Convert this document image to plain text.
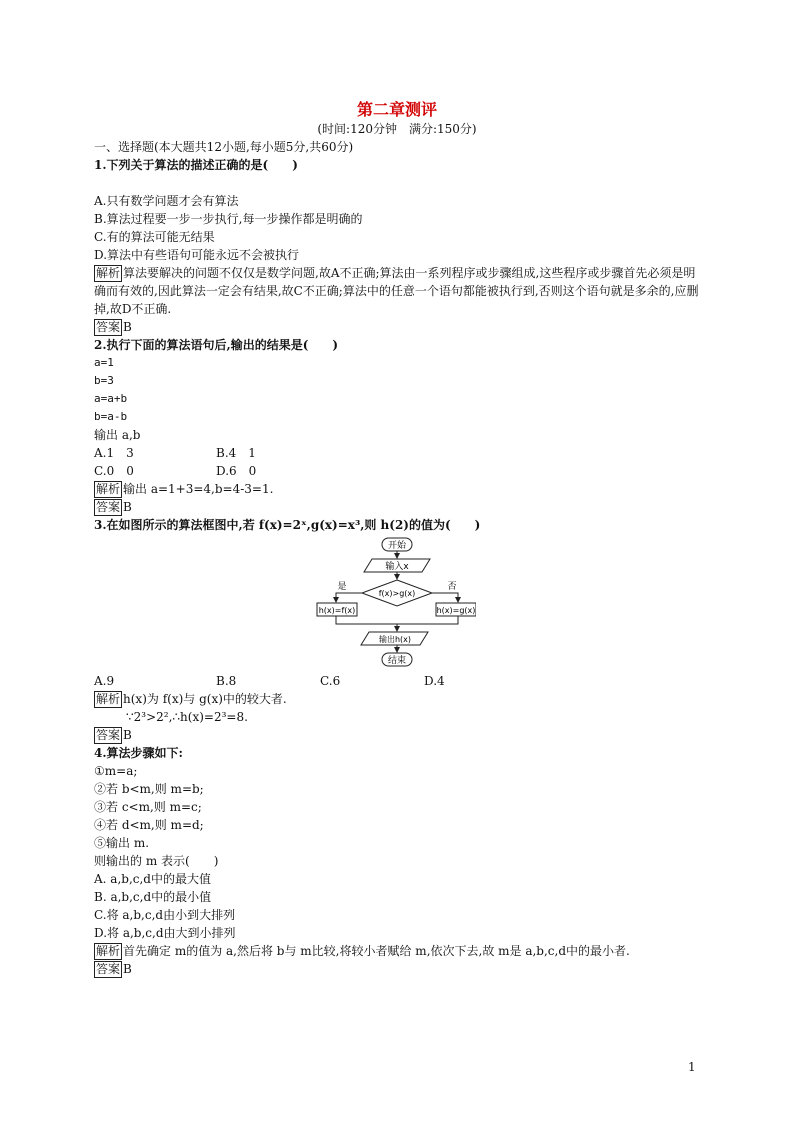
第二章测评
(时间:120分钟　满分:150分)
一、选择题(本大题共12小题,每小题5分,共60分)
1.下列关于算法的描述正确的是(　　)
A.只有数学问题才会有算法
B.算法过程要一步一步执行,每一步操作都是明确的
C.有的算法可能无结果
D.算法中有些语句可能永远不会被执行
解析 算法要解决的问题不仅仅是数学问题,故A不正确;算法由一系列程序或步骤组成,这些程序或步骤首先必须是明确而有效的,因此算法一定会有结果,故C不正确;算法中的任意一个语句都能被执行到,否则这个语句就是多余的,应删掉,故D不正确.
答案 B
2.执行下面的算法语句后,输出的结果是(　　)
a=1
b=3
a=a+b
b=a-b
输出 a,b
A.1　3	B.4　1
C.0　0	D.6　0
解析 输出 a=1+3=4,b=4-3=1.
答案 B
3.在如图所示的算法框图中,若 f(x)=2ˣ,g(x)=x³,则 h(2)的值为(　　)
开始
输入x
f(x)>g(x)
是	否
h(x)=f(x)	h(x)=g(x)
输出h(x)
结束
A.9	B.8	C.6	D.4
解析 h(x)为 f(x)与 g(x)中的较大者.
∵2³>2²,∴h(x)=2³=8.
答案 B
4.算法步骤如下:
①m=a;
②若 b<m,则 m=b;
③若 c<m,则 m=c;
④若 d<m,则 m=d;
⑤输出 m.
则输出的 m 表示(　　)
A. a,b,c,d中的最大值
B. a,b,c,d中的最小值
C.将 a,b,c,d由小到大排列
D.将 a,b,c,d由大到小排列
解析 首先确定 m的值为 a,然后将 b与 m比较,将较小者赋给 m,依次下去,故 m是 a,b,c,d中的最小者.
答案 B
1
